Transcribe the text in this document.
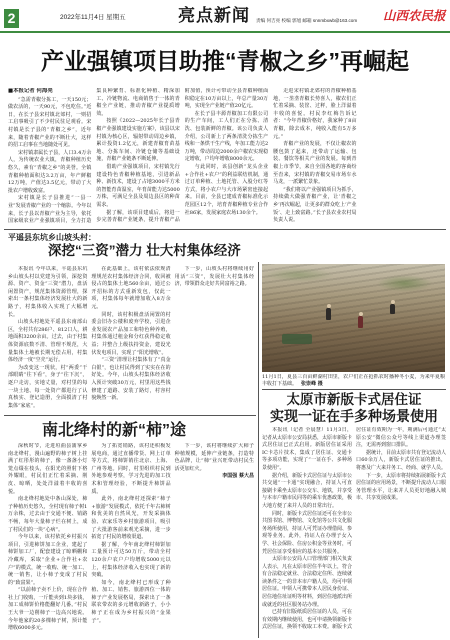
2	2022年11月4日 星期五	亮点新闻 责编 何吉亮 校编 郭旭 邮箱 snnmbxwb@163.com 山西农民报
产业强镇项目助推“青椒之乡”再崛起

■本报记者 何海亮

“急需青椒分拣工，一天150元；做农活的，一天90元，不包吃住。”近日，在长子县宋村镇北郊村，一则招工启事吸引了不少村民驻足观看。宋村镇是长子县的“青椒之乡”，近年来，随着青椒产业的不断壮大，这样的招工启事在当地随处可见。

宋村镇隶属长子县，人口3.4万余人，为传统农业大镇，青椒种植历史悠久，素有“青椒之乡”的美誉。全镇青椒种植面积达3.2万亩，年产鲜椒12万吨，产值达3.5亿元，带动了大批农户增收致富。

宋村镇是长子县推进“一县一业”发展青椒产业的一个缩影。今年以来，长子县以青椒产业为主导，依托国家级农业产业强镇项目，全力打造集良种繁育、标准化种植、精深加工、冷链物流、电商销售于一体的青椒全产业链，推动青椒产业提质增效。

按照《2022—2025年长子县青椒产业强镇建设实施方案》，该县以宋村镇为核心区，辐射带动周边乡镇，累计投资1.2亿元，新建青椒育苗基地、分拣车间、冷链仓储等基础设施，青椒产业链条不断延伸。

借助产业强镇项目，宋村镇先行建设特色青椒种植基地，引进新品种、新技术，建设了占地3000平方米的智能育苗温室，年育苗能力达5000万株，可满足全县及周边县区的种苗需求。

据了解，该项目建成后，将进一步完善青椒产业链条，提升青椒产品附加值，预计可带动全县青椒种植面积稳定在10万亩以上，年总产量30万吨，实现全产业链产值20亿元。

在长子县丰源青椒加工有限公司的生产车间，工人们正在分拣、清洗、包装新鲜的青椒。该公司负责人介绍，公司新上了两条清洗分拣生产线和一条烘干生产线，年加工能力达2万吨，带动周边2000余户椒农实现稳定增收，户均年增收8000余元。

与此同时，该县创新“龙头企业+合作社+农户”的利益联结机制，通过订单种植、土地托管、入股分红等方式，将小农户与大市场紧密连接起来。目前，全县已建成青椒标准化示范园区12个，培育青椒种植专业合作社86家，发展家庭农场130余个。

走进宋村镇北郊村的青椒种植基地，一垄垄青椒长势喜人，椒农们正忙着采摘、装筐、过秤，脸上洋溢着丰收的喜悦。村民李红梅告诉记者：“今年青椒价格好，我家种了8亩青椒，除去成本，纯收入能有5万多元。”

青椒产业的发展，不仅让椒农的腰包鼓了起来，还带动了运输、包装、餐饮等相关产业的发展。每到青椒上市季节，来自全国各地的客商纷至沓来，宋村镇的青椒交易市场车水马龙，一派繁忙景象。

“我们将以产业强镇项目为抓手，持续做大做强青椒产业，让‘青椒之乡’再次崛起，让更多的群众吃上‘产业饭’、走上致富路。”长子县农业农村局负责人说。

平遥县东坑乡山坡头村：
深挖“三资”潜力 壮大村集体经济

本报讯 今年以来，平遥县东坑乡山坡头村以党建为引领，深挖资源、资产、资金“三资”潜力，盘活闲置资产，规范集体资源管理，探索出一条村集体经济发展壮大的新路子，村集体收入实现了大幅增长。

山坡头村地处平遥县东南部山区，全村共有286户、812口人，耕地面积3200余亩。过去，由于村集体资源底数不清、管理不规范，大量集体土地被长期无偿占用，村集体经济一度“空壳”运行。

为改变这一现状，村“两委”干部眼睛“往下看”，身子“往下沉”，逐户走访，实地丈量，对村里的每一块土地、每一处资产都进行了认真核实、登记造册，全面摸清了村集体“家底”。

在此基础上，该村依法依规清理规范农村集体经济合同，收回被侵占的集体土地560余亩，通过公开招标的方式重新发包，仅此一项，村集体每年就增加收入8万余元。

同时，该村积极盘活闲置的村委会旧办公楼和废弃学校，引进企业发展农产品加工和特色种养殖，村集体通过租金和分红获得稳定收益；并整合上级扶持资金，建设光伏发电项目，实现了“阳光增收”。

“三资”清理让村集体有了“真金白银”，也让村民得到了实实在在的好处。今年，山坡头村集体经济收入预计突破30万元，村里用这些钱修建了道路、安装了路灯，村容村貌焕然一新。

下一步，山坡头村将继续用好用活“三资”，发展壮大村集体经济，带领群众走好共同富裕之路。

11月1日，夏县三百亩鲜湖村田里，农户们正在抢抓农时播种冬小麦，为来年夏粮丰收打下基础。 张崇峰 摄
太原市新版卡式居住证
实现一证在手多种场景使用

本报讯（记者 全晨慧）11月3日，记者从太原市公安局获悉，太原市新版卡式居住证已正式启用。新版居住证采用IC卡芯片技术，集成了居住证、交通卡等多项功能，实现了“一证在手、多种场景使用”。

据介绍，新版卡式居住证与太原市公共交通“一卡通”实现融合，持证人可直接刷卡乘坐太原市公交车、地铁，并享受与本市户籍市民同等的乘车优惠政策，极大地方便了来并人员的日常出行。

同时，新版卡式居住证还可在全市公共图书馆、博物馆、文化馆等公共文化服务场所使用，持证人可凭证办理借阅、参观等业务。此外，持证人在办理子女入学、社会保险、住房公积金等业务时，可凭居住证享受相应的基本公共服务。

太原市公安局人口管理部门相关负责人表示，凡在太原市居住半年以上，符合有合法稳定就业、合法稳定住所、连续就读条件之一的非本市户籍人员，均可申领居住证。申领人可携带本人居民身份证、居住地住址证明等材料，到居住地派出所或就近的社区服务站办理。

已持有旧版纸质居住证的人员，可在有效期内继续使用，也可申请换领新版卡式居住证，换领不收取工本费。新版卡式居住证有效期为一年，期满后可通过“太原公安”微信公众号等线上渠道办理签注，无需再到窗口排队。

据统计，目前太原市共有登记流动人口60余万人，新版卡式居住证的推出，将惠及广大来并务工、经商、就学人员。

下一步，太原市将持续拓展新版卡式居住证的应用场景，不断提升流动人口服务管理水平，让来并人员更好地融入城市、共享发展成果。

南北绛村的新“柿”途

深秋时节，走进垣曲县蒲掌乡南北绛村，漫山遍野的柿子树上挂满了红彤彤的柿子，像一盏盏小灯笼点缀在枝头，在阳光的照射下格外耀眼，村民们正忙着采摘、削皮、晾晒，处处洋溢着丰收的喜悦。

南北绛村地处中条山深处，柿子种植历史悠久，全村现有柿子树1万余株，过去由于交通不便、销路不畅，每年大量柿子烂在树上，成了村民们的一块“心病”。

今年以来，该村依托乡村振兴项目，引进柿饼加工企业，建起了柿饼加工厂，配套建设了晾晒棚和冷藏库，采取“企业+合作社+农户”的模式，统一收购、统一加工、统一销售，让小柿子变成了村民的“致富果”。

“以前柿子卖不上价，现在合作社上门收购，一斤能卖到1块多钱，加工成柿饼价格能翻好几番。”村民王大爷一边削柿子一边高兴地说。今年他家的20多棵柿子树，预计能增收6000多元。

为了拓宽销路，该村还积极发展电商，通过直播带货、网上订单等方式，将柿饼销往北京、上海、广州等地。同时，村里组织村民到外地参观考察，学习先进的加工技术和管理经验，不断提升柿饼品质。

此外，南北绛村还探索“柿子+旅游”发展模式，依托千年古柿树和优美的自然风光，开发采摘体验、农家乐等乡村旅游项目，吸引了大批游客前来观光采摘，进一步拓宽了村民的增收渠道。

据了解，今年南北绛村柿饼加工量预计可达50万斤，带动全村120余户农户户均增收5000元以上，村集体经济收入也实现了新的突破。

如今，南北绛村已形成了种植、加工、销售、旅游四位一体的柿子产业发展格局，探索出了一条联农带农的多元增收新路子，小小柿子正在成为乡村振兴的“金果子”。

下一步，该村将继续扩大柿子种植规模，延伸产业链条，打造特色品牌，让“柿”业兴旺带动村民生活更加红火。

李国强 蔡大昌
